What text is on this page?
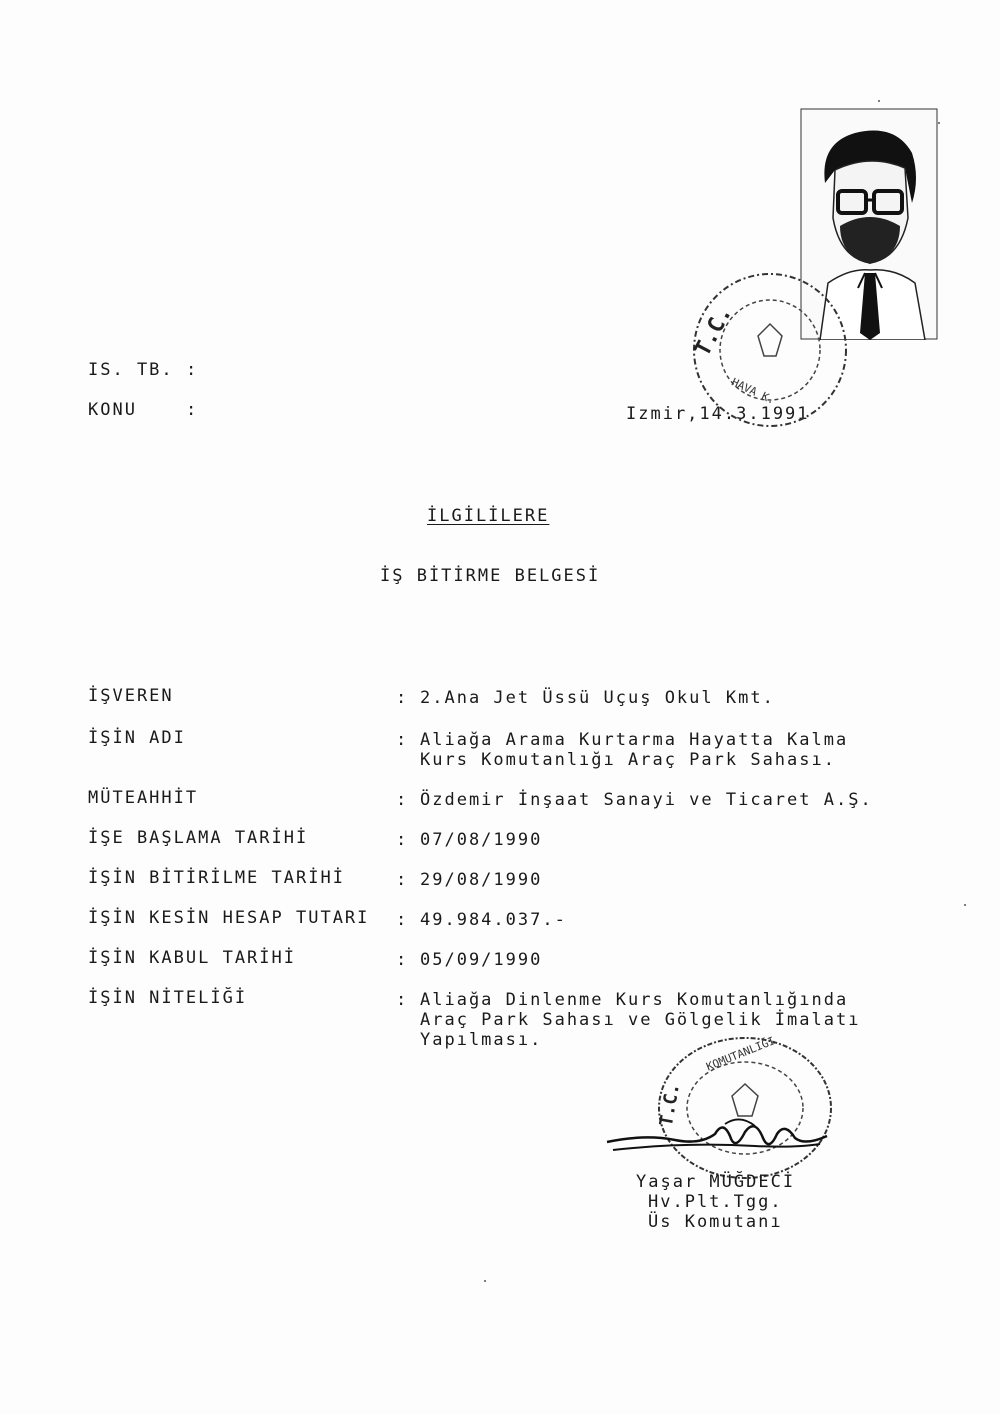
IS. TB. :
KONU	:	Izmir,14.3.1991
T.C.
HAVA K.
İLGİLİLERE
İŞ BİTİRME BELGESİ
İŞVEREN	: 2.Ana Jet Üssü Uçuş Okul Kmt.
İŞİN ADI	: Aliağa Arama Kurtarma Hayatta Kalma
Kurs Komutanlığı Araç Park Sahası.
MÜTEAHHİT	: Özdemir İnşaat Sanayi ve Ticaret A.Ş.
İŞE BAŞLAMA TARİHİ	: 07/08/1990
İŞİN BİTİRİLME TARİHİ	: 29/08/1990
İŞİN KESİN HESAP TUTARI : 49.984.037.-
İŞİN KABUL TARİHİ	: 05/09/1990
İŞİN NİTELİĞİ	: Aliağa Dinlenme Kurs Komutanlığında
Araç Park Sahası ve Gölgelik İmalatı
Yapılması.	KOMUTANLIĞI
T.C.
Yaşar MÜĞDECİ
Hv.Plt.Tgg.
Üs Komutanı
